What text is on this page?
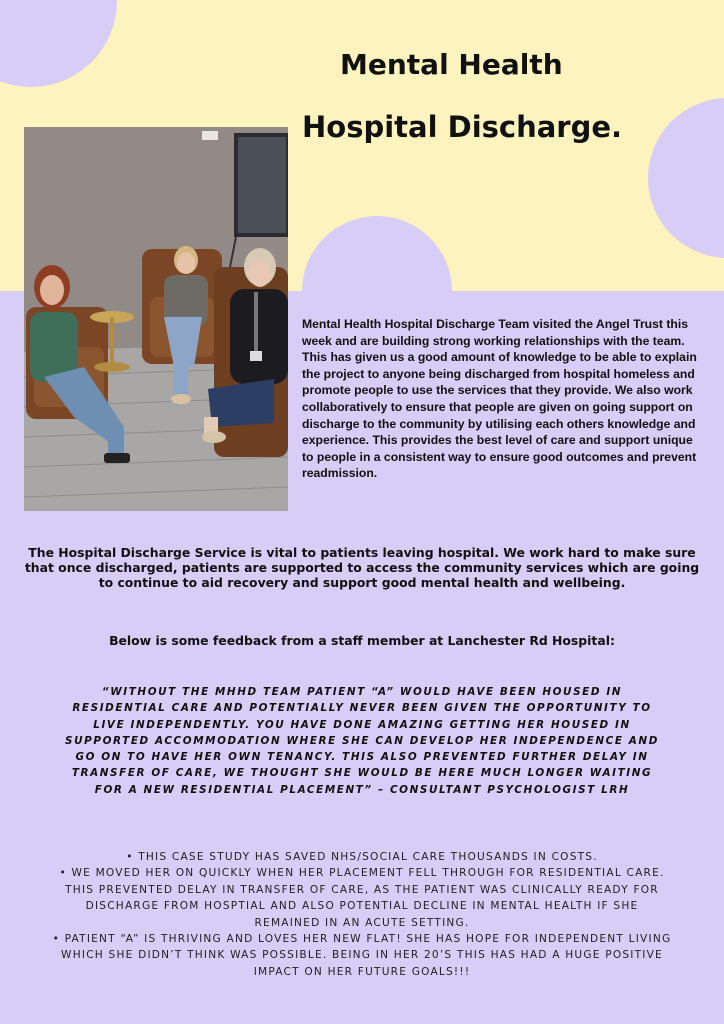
Mental Health
Hospital Discharge.
Mental Health Hospital Discharge Team visited the Angel Trust this week and are building strong working relationships with the team. This has given us a good amount of knowledge to be able to explain the project to anyone being discharged from hospital homeless and promote people to use the services that they provide. We also work collaboratively to ensure that people are given on going support on discharge to the community by utilising each others knowledge and experience. This provides the best level of care and support unique to people in a consistent way to ensure good outcomes and prevent readmission.
The Hospital Discharge Service is vital to patients leaving hospital. We work hard to make sure that once discharged, patients are supported to access the community services which are going to continue to aid recovery and support good mental health and wellbeing.
Below is some feedback from a staff member at Lanchester Rd Hospital:
“WITHOUT THE MHHD TEAM PATIENT “A” WOULD HAVE BEEN HOUSED IN RESIDENTIAL CARE AND POTENTIALLY NEVER BEEN GIVEN THE OPPORTUNITY TO LIVE INDEPENDENTLY. YOU HAVE DONE AMAZING GETTING HER HOUSED IN SUPPORTED ACCOMMODATION WHERE SHE CAN DEVELOP HER INDEPENDENCE AND GO ON TO HAVE HER OWN TENANCY. THIS ALSO PREVENTED FURTHER DELAY IN TRANSFER OF CARE, WE THOUGHT SHE WOULD BE HERE MUCH LONGER WAITING FOR A NEW RESIDENTIAL PLACEMENT” – CONSULTANT PSYCHOLOGIST LRH

• THIS CASE STUDY HAS SAVED NHS/SOCIAL CARE THOUSANDS IN COSTS.

• WE MOVED HER ON QUICKLY WHEN HER PLACEMENT FELL THROUGH FOR RESIDENTIAL CARE. THIS PREVENTED DELAY IN TRANSFER OF CARE, AS THE PATIENT WAS CLINICALLY READY FOR DISCHARGE FROM HOSPTIAL AND ALSO POTENTIAL DECLINE IN MENTAL HEALTH IF SHE REMAINED IN AN ACUTE SETTING.

• PATIENT “A” IS THRIVING AND LOVES HER NEW FLAT! SHE HAS HOPE FOR INDEPENDENT LIVING WHICH SHE DIDN’T THINK WAS POSSIBLE. BEING IN HER 20’S THIS HAS HAD A HUGE POSITIVE IMPACT ON HER FUTURE GOALS!!!
